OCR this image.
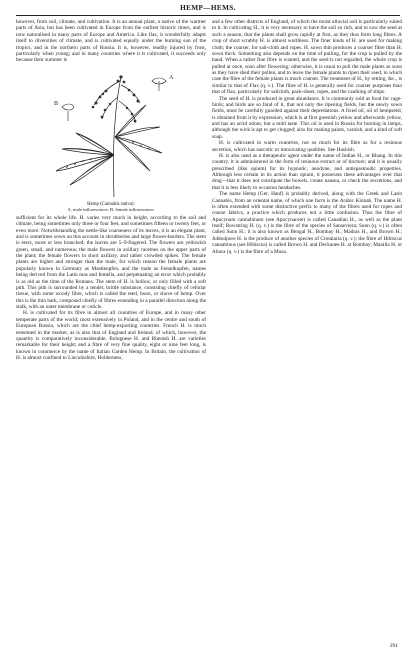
HEMP—HEMS.

however, from soil, climate, and cultivation. It is an annual plant, a native of the warmer parts of Asia, but has been cultivated in Europe from the earliest historic times, and is now naturalised in many parts of Europe and America. Like flax, it wonderfully adapts itself to diversities of climate, and is cultivated equally under the burning sun of the tropics, and in the northern parts of Russia. It is, however, readily injured by frost, particularly when young; and in many countries where it is cultivated, it succeeds only because their summer is

A
B
Hemp (Cannabis sativa):
A, male inflorescence; B, female inflorescence.

sufficient for its whole life. H. varies very much in height, according to the soil and climate, being sometimes only three or four feet, and sometimes fifteen or twenty feet, or even more. Notwithstanding the nettle-like coarseness of its leaves, it is an elegant plant, and is sometimes sown on this account in shrubberies and large flower-borders. The stem is erect, more or less branched; the leaves are 5–9-fingered. The flowers are yellowish green, small, and numerous; the male flowers in axillary racemes on the upper parts of the plant; the female flowers in short axillary, and rather crowded spikes. The female plants are higher and stronger than the male, for which reason the female plants are popularly known in Germany as Mastleopfen, and the male as Femelkopfen, names being derived from the Latin mas and femella, and perpetuating an error which probably is as old as the time of the Romans. The stem of H. is hollow, or only filled with a soft pith. This pith is surrounded by a tender, brittle substance, consisting chiefly of cellular tissue, with some woody fibre, which is called the reed, boon, or shove of hemp. Over this is the thin bark, composed chiefly of fibres extending in a parallel direction along the stalk, with an outer membrane or cuticle.

H. is cultivated for its fibre in almost all countries of Europe, and in many other temperate parts of the world; most extensively in Poland, and in the centre and south of European Russia, which are the chief hemp-exporting countries. French H. is much esteemed in the market, as is also that of England and Ireland, of which, however, the quantity is comparatively inconsiderable. Bolognese H. and Rhenish H. are varieties remarkable for their height; and a fibre of very fine quality, eight or nine feet long, is known in commerce by the name of Italian Garden Hemp. In Britain, the cultivation of H. is almost confined to Lincolnshire, Holderness,

and a few other districts of England, of which the moist alluvial soil is particularly suited to it. In cultivating H., it is very necessary to have the soil so rich, and to sow the seed at such a season, that the plants shall grow rapidly at first, as they thus form long fibres. A crop of short scrubby H. is almost worthless. The finer kinds of H. are used for making cloth; the coarser, for sail-cloth and ropes. H. sown thin produces a coarser fibre than H. sown thick. Something also depends on the time of pulling, for the crop is pulled by the hand. When a rather fine fibre is wanted, and the seed is not regarded, the whole crop is pulled at once, soon after flowering; otherwise, it is usual to pull the male plants as soon as they have shed their pollen, and to leave the female plants to ripen their seed, in which case the fibre of the female plants is much coarser. The treatment of H., by retting, &c., is similar to that of Flax (q. v.). The fibre of H. is generally used for coarser purposes than that of flax, particularly for sailcloth, pack-sheet, ropes, and the caulking of ships.

The seed of H. is produced in great abundance. It is commonly sold as food for cage-birds; and birds are so fond of it, that not only the ripening fields, but the newly sown fields, must be carefully guarded against their depredations. A fixed oil, oil of hempseed, is obtained from it by expression, which is at first greenish yellow and afterwards yellow, and has an acrid odour, but a mild taste. This oil is used in Russia for burning in lamps, although the wick is apt to get clogged; also for making paints, varnish, and a kind of soft soap.

H. is cultivated in warm countries, not so much for its fibre as for a resinous secretion, which has narcotic or intoxicating qualities. See Hashish.

H. is also used as a therapeutic agent under the name of Indian H., or Bhang. In this country, it is administered in the form of resinous extract or of tincture; and it is usually prescribed (like opium) for its hypnotic, anodyne, and antispasmodic properties. Although less certain in its action than opium, it possesses these advantages over that drug—that it does not constipate the bowels, create nausea, or check the secretions, and that it is less likely to occasion headaches.

The name Hemp (Ger. Hanf) is probably derived, along with the Greek and Latin Cannabis, from an oriental name, of which one form is the Arabic Kinnab. The name H. is often extended with some distinctive prefix to many of the fibres used for ropes and coarse fabrics, a practice which produces not a little confusion. Thus the fibre of Apocynum cannabinum (see Apocynaceæ) is called Canadian H., as well as the plant itself; Bowstring H. (q. v.) is the fibre of the species of Sanseviera; Sunn (q. v.) is often called Sunn H.; it is also known as Bengal H., Bombay H., Madras H., and Brown H.; Jubbulpore H. is the produce of another species of Crotalaria (q. v.); the fibre of Hibiscus cannabinus (see Hibiscus) is called Brown H. and Deckanee H. at Bombay; Manilla H. or Abaca (q. v.) is the fibre of a Musa.

391
